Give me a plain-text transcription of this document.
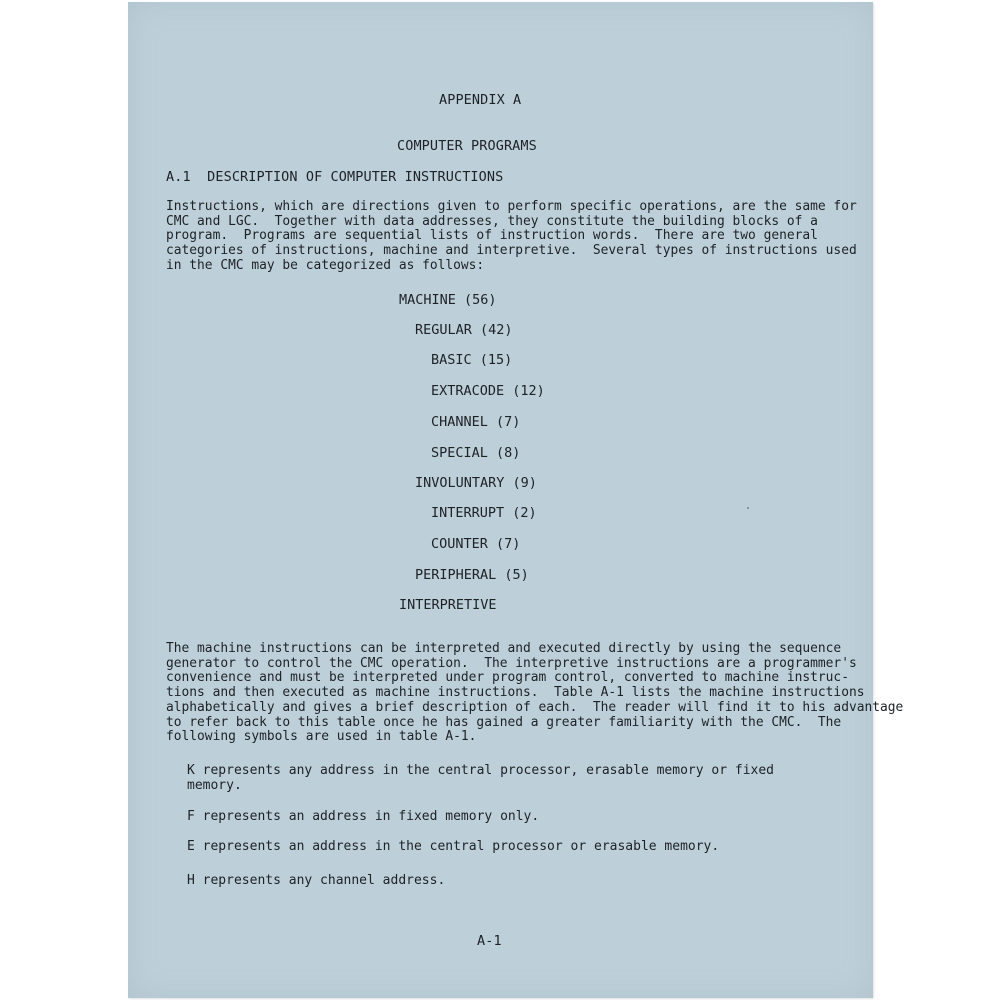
APPENDIX A

COMPUTER PROGRAMS

A.1  DESCRIPTION OF COMPUTER INSTRUCTIONS

Instructions, which are directions given to perform specific operations, are the same for
CMC and LGC.  Together with data addresses, they constitute the building blocks of a
program.  Programs are sequential lists of instruction words.  There are two general
categories of instructions, machine and interpretive.  Several types of instructions used
in the CMC may be categorized as follows:
MACHINE (56)
REGULAR (42)
BASIC (15)
EXTRACODE (12)
CHANNEL (7)
SPECIAL (8)
INVOLUNTARY (9)
INTERRUPT (2)
COUNTER (7)
PERIPHERAL (5)
INTERPRETIVE
The machine instructions can be interpreted and executed directly by using the sequence
generator to control the CMC operation.  The interpretive instructions are a programmer's
convenience and must be interpreted under program control, converted to machine instruc-
tions and then executed as machine instructions.  Table A-1 lists the machine instructions
alphabetically and gives a brief description of each.  The reader will find it to his advantage
to refer back to this table once he has gained a greater familiarity with the CMC.  The
following symbols are used in table A-1.
K represents any address in the central processor, erasable memory or fixed
memory.
F represents an address in fixed memory only.
E represents an address in the central processor or erasable memory.
H represents any channel address.

A-1
